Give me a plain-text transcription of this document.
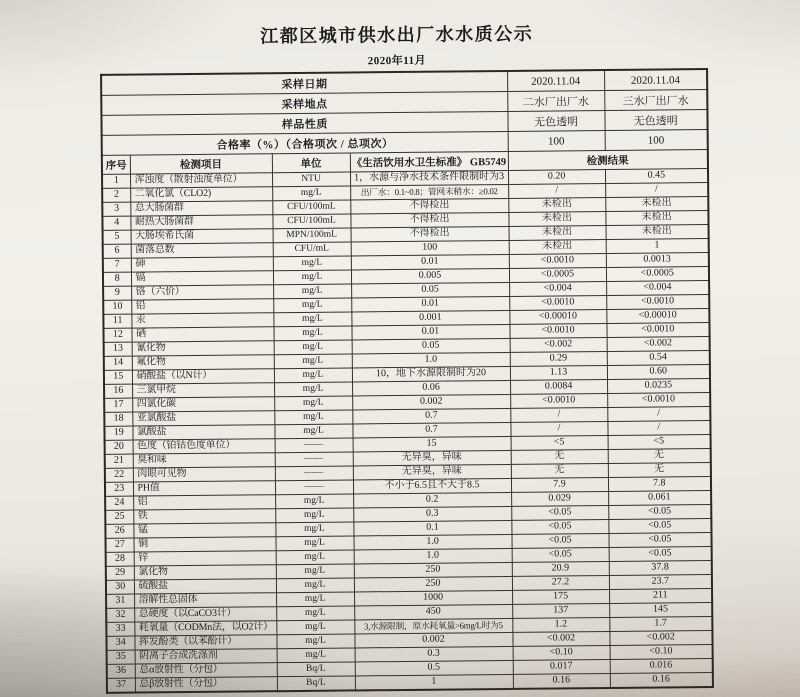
江都区城市供水出厂水水质公示
2020年11月
采样日期				2020.11.04	2020.11.04
采样地点				二水厂出厂水	三水厂出厂水
样品性质				无色透明	无色透明
合格率（%）（合格项次 / 总项次）				100	100
序号	检测项目	单位	《生活饮用水卫生标准》 GB5749	检测结果	
1	浑浊度（散射浊度单位）	NTU	1，水源与净水技术条件限制时为3	0.20	0.45
2	二氧化氯（CLO2)	mg/L	出厂水：0.1~0.8；管网末稍水：≥0.02	/	/
3	总大肠菌群	CFU/100mL	不得检出	未检出	未检出
4	耐热大肠菌群	CFU/100mL	不得检出	未检出	未检出
5	大肠埃希氏菌	MPN/100mL	不得检出	未检出	未检出
6	菌落总数	CFU/mL	100	未检出	1
7	砷	mg/L	0.01	<0.0010	0.0013
8	镉	mg/L	0.005	<0.0005	<0.0005
9	铬（六价）	mg/L	0.05	<0.004	<0.004
10	铅	mg/L	0.01	<0.0010	<0.0010
11	汞	mg/L	0.001	<0.00010	<0.00010
12	硒	mg/L	0.01	<0.0010	<0.0010
13	氰化物	mg/L	0.05	<0.002	<0.002
14	氟化物	mg/L	1.0	0.29	0.54
15	硝酸盐（以N计）	mg/L	10，地下水源限制时为20	1.13	0.60
16	三氯甲烷	mg/L	0.06	0.0084	0.0235
17	四氯化碳	mg/L	0.002	<0.0010	<0.0010
18	亚氯酸盐	mg/L	0.7	/	/
19	氯酸盐	mg/L	0.7	/	/
20	色度（铂钴色度单位）	——	15	<5	<5
21	臭和味	——	无异臭，异味	无	无
22	肉眼可见物	——	无异臭，异味	无	无
23	PH值	——	不小于6.5且不大于8.5	7.9	7.8
24	铝	mg/L	0.2	0.029	0.061
25	铁	mg/L	0.3	<0.05	<0.05
26	锰	mg/L	0.1	<0.05	<0.05
27	铜	mg/L	1.0	<0.05	<0.05
28	锌	mg/L	1.0	<0.05	<0.05
29	氯化物	mg/L	250	20.9	37.8
30	硫酸盐	mg/L	250	27.2	23.7
31	溶解性总固体	mg/L	1000	175	211
32	总硬度（以CaCO3计）	mg/L	450	137	145
33	耗氧量（CODMn法，以O2计）	mg/L	3,水源限制，原水耗氧量>6mg/L时为5	1.2	1.7
34	挥发酚类（以苯酚计）	mg/L	0.002	<0.002	<0.002
35	阴离子合成洗涤剂	mg/L	0.3	<0.10	<0.10
36	总α放射性（分包）	Bq/L	0.5	0.017	0.016
37	总β放射性（分包）	Bq/L	1	0.16	0.16
